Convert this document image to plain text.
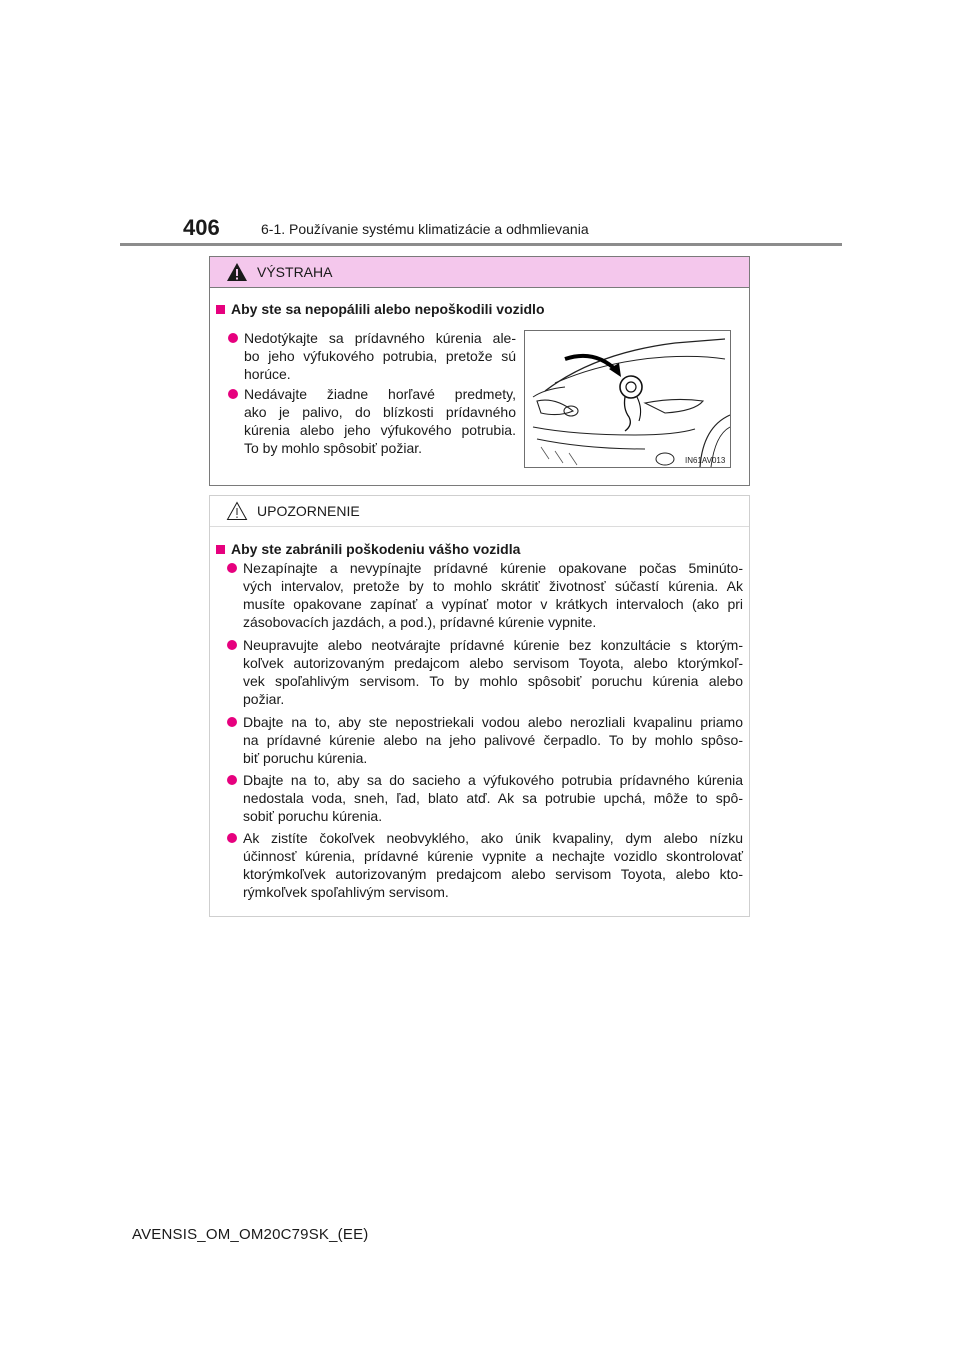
406	6-1. Používanie systému klimatizácie a odhmlievania
VÝSTRAHA
Aby ste sa nepopálili alebo nepoškodili vozidlo
Nedotýkajte sa prídavného kúrenia ale-
bo jeho výfukového potrubia, pretože sú
horúce.
Nedávajte žiadne horľavé predmety,
ako je palivo, do blízkosti prídavného
kúrenia alebo jeho výfukového potrubia.
To by mohlo spôsobiť požiar.
IN61AV013
UPOZORNENIE
Aby ste zabránili poškodeniu vášho vozidla
Nezapínajte a nevypínajte prídavné kúrenie opakovane počas 5minúto-
vých intervalov, pretože by to mohlo skrátiť životnosť súčastí kúrenia. Ak
musíte opakovane zapínať a vypínať motor v krátkych intervaloch (ako pri
zásobovacích jazdách, a pod.), prídavné kúrenie vypnite.
Neupravujte alebo neotvárajte prídavné kúrenie bez konzultácie s ktorým-
koľvek autorizovaným predajcom alebo servisom Toyota, alebo ktorýmkoľ-
vek spoľahlivým servisom. To by mohlo spôsobiť poruchu kúrenia alebo
požiar.
Dbajte na to, aby ste nepostriekali vodou alebo nerozliali kvapalinu priamo
na prídavné kúrenie alebo na jeho palivové čerpadlo. To by mohlo spôso-
biť poruchu kúrenia.
Dbajte na to, aby sa do sacieho a výfukového potrubia prídavného kúrenia
nedostala voda, sneh, ľad, blato atď. Ak sa potrubie upchá, môže to spô-
sobiť poruchu kúrenia.
Ak zistíte čokoľvek neobvyklého, ako únik kvapaliny, dym alebo nízku
účinnosť kúrenia, prídavné kúrenie vypnite a nechajte vozidlo skontrolovať
ktorýmkoľvek autorizovaným predajcom alebo servisom Toyota, alebo kto-
rýmkoľvek spoľahlivým servisom.
AVENSIS_OM_OM20C79SK_(EE)
